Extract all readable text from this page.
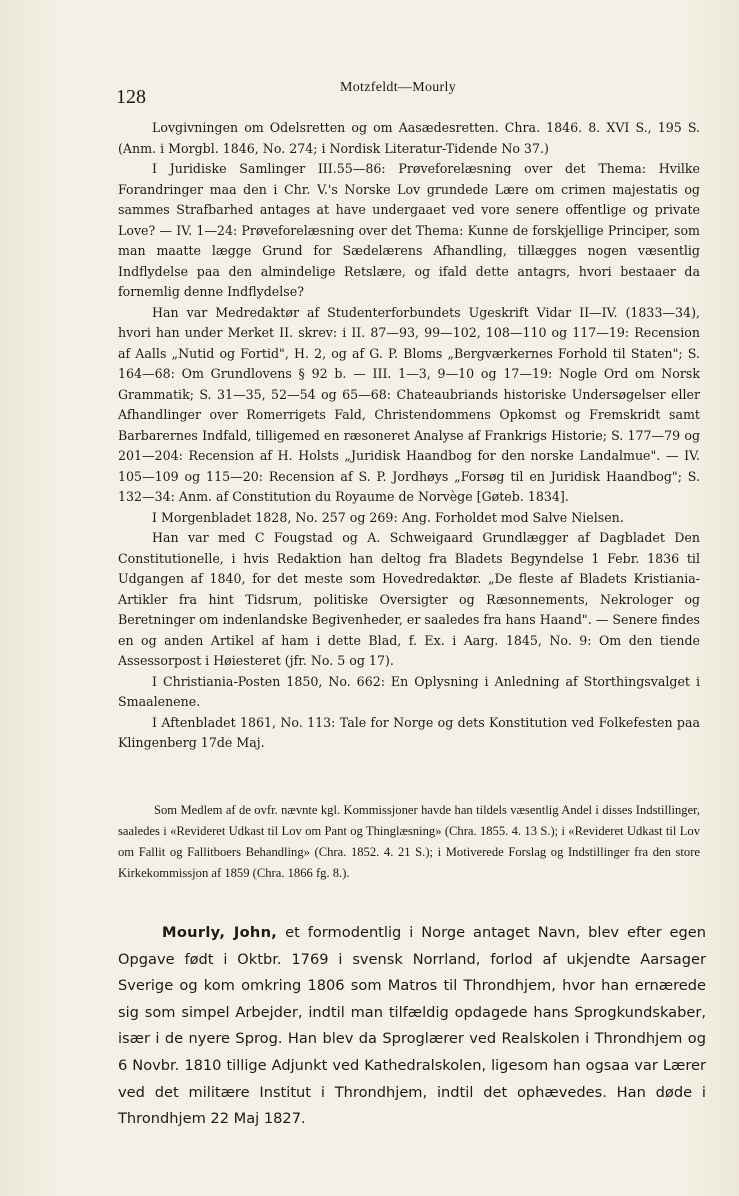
128	Motzfeldt—Mourly

Lovgivningen om Odelsretten og om Aasædesretten. Chra. 1846. 8. XVI S., 195 S. (Anm. i Morgbl. 1846, No. 274; i Nordisk Literatur-Tidende No 37.)

I Juridiske Samlinger III.55—86: Prøveforelæsning over det Thema: Hvilke Forandringer maa den i Chr. V.'s Norske Lov grundede Lære om crimen majestatis og sammes Strafbarhed antages at have undergaaet ved vore senere offentlige og private Love? — IV. 1—24: Prøveforelæsning over det Thema: Kunne de forskjellige Principer, som man maatte lægge Grund for Sædelærens Afhandling, tillægges nogen væsentlig Indflydelse paa den almindelige Retslære, og ifald dette antagrs, hvori bestaaer da fornemlig denne Indflydelse?

Han var Medredaktør af Studenterforbundets Ugeskrift Vidar II—IV. (1833—34), hvori han under Merket II. skrev: i II. 87—93, 99—102, 108—110 og 117—19: Recension af Aalls „Nutid og Fortid", H. 2, og af G. P. Bloms „Bergværkernes Forhold til Staten"; S. 164—68: Om Grundlovens § 92 b. — III. 1—3, 9—10 og 17—19: Nogle Ord om Norsk Grammatik; S. 31—35, 52—54 og 65—68: Chateaubriands historiske Undersøgelser eller Afhandlinger over Romerrigets Fald, Christendommens Opkomst og Fremskridt samt Barbarernes Indfald, tilligemed en ræsoneret Analyse af Frankrigs Historie; S. 177—79 og 201—204: Recension af H. Holsts „Juridisk Haandbog for den norske Landalmue". — IV. 105—109 og 115—20: Recension af S. P. Jordhøys „Forsøg til en Juridisk Haandbog"; S. 132—34: Anm. af Constitution du Royaume de Norvège [Gøteb. 1834].

I Morgenbladet 1828, No. 257 og 269: Ang. Forholdet mod Salve Nielsen.

Han var med C Fougstad og A. Schweigaard Grundlægger af Dagbladet Den Constitutionelle, i hvis Redaktion han deltog fra Bladets Begyndelse 1 Febr. 1836 til Udgangen af 1840, for det meste som Hovedredaktør. „De fleste af Bladets Kristiania-Artikler fra hint Tidsrum, politiske Oversigter og Ræsonnements, Nekrologer og Beretninger om indenlandske Begivenheder, er saaledes fra hans Haand". — Senere findes en og anden Artikel af ham i dette Blad, f. Ex. i Aarg. 1845, No. 9: Om den tiende Assessorpost i Høiesteret (jfr. No. 5 og 17).

I Christiania-Posten 1850, No. 662: En Oplysning i Anledning af Storthingsvalget i Smaalenene.

I Aftenbladet 1861, No. 113: Tale for Norge og dets Konstitution ved Folkefesten paa Klingenberg 17de Maj.

Som Medlem af de ovfr. nævnte kgl. Kommissjoner havde han tildels væsentlig Andel i disses Indstillinger, saaledes i «Revideret Udkast til Lov om Pant og Thinglæsning» (Chra. 1855. 4. 13 S.); i «Revideret Udkast til Lov om Fallit og Fallitboers Behandling» (Chra. 1852. 4. 21 S.); i Motiverede Forslag og Indstillinger fra den store Kirkekommissjon af 1859 (Chra. 1866 fg. 8.).

Mourly, John, et formodentlig i Norge antaget Navn, blev efter egen Opgave født i Oktbr. 1769 i svensk Norrland, forlod af ukjendte Aarsager Sverige og kom omkring 1806 som Matros til Throndhjem, hvor han ernærede sig som simpel Arbejder, indtil man tilfældig opdagede hans Sprogkundskaber, især i de nyere Sprog. Han blev da Sproglærer ved Realskolen i Throndhjem og 6 Novbr. 1810 tillige Adjunkt ved Kathedralskolen, ligesom han ogsaa var Lærer ved det militære Institut i Throndhjem, indtil det ophævedes. Han døde i Throndhjem 22 Maj 1827.
